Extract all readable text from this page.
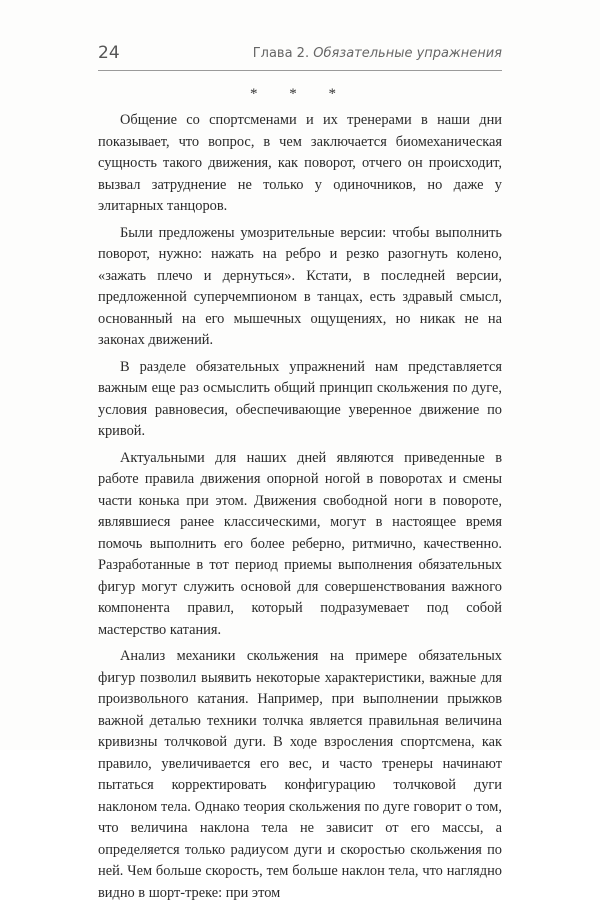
24	Глава 2. Обязательные упражнения
* * *

Общение со спортсменами и их тренерами в наши дни показывает, что вопрос, в чем заключается биомеханическая сущность такого движения, как поворот, отчего он происходит, вызвал затруднение не только у одиночников, но даже у элитарных танцоров.

Были предложены умозрительные версии: чтобы выполнить поворот, нужно: нажать на ребро и резко разогнуть колено, «зажать плечо и дернуться». Кстати, в последней версии, предложенной суперчемпионом в танцах, есть здравый смысл, основанный на его мышечных ощущениях, но никак не на законах движений.

В разделе обязательных упражнений нам представляется важным еще раз осмыслить общий принцип скольжения по дуге, условия равновесия, обеспечивающие уверенное движение по кривой.

Актуальными для наших дней являются приведенные в работе правила движения опорной ногой в поворотах и смены части конька при этом. Движения свободной ноги в повороте, являвшиеся ранее классическими, могут в настоящее время помочь выполнить его более реберно, ритмично, качественно. Разработанные в тот период приемы выполнения обязательных фигур могут служить основой для совершенствования важного компонента правил, который подразумевает под собой мастерство катания.

Анализ механики скольжения на примере обязательных фигур позволил выявить некоторые характеристики, важные для произвольного катания. Например, при выполнении прыжков важной деталью техники толчка является правильная величина кривизны толчковой дуги. В ходе взросления спортсмена, как правило, увеличивается его вес, и часто тренеры начинают пытаться корректировать конфигурацию толчковой дуги наклоном тела. Однако теория скольжения по дуге говорит о том, что величина наклона тела не зависит от его массы, а определяется только радиусом дуги и скоростью скольжения по ней. Чем больше скорость, тем больше наклон тела, что наглядно видно в шорт-треке: при этом
